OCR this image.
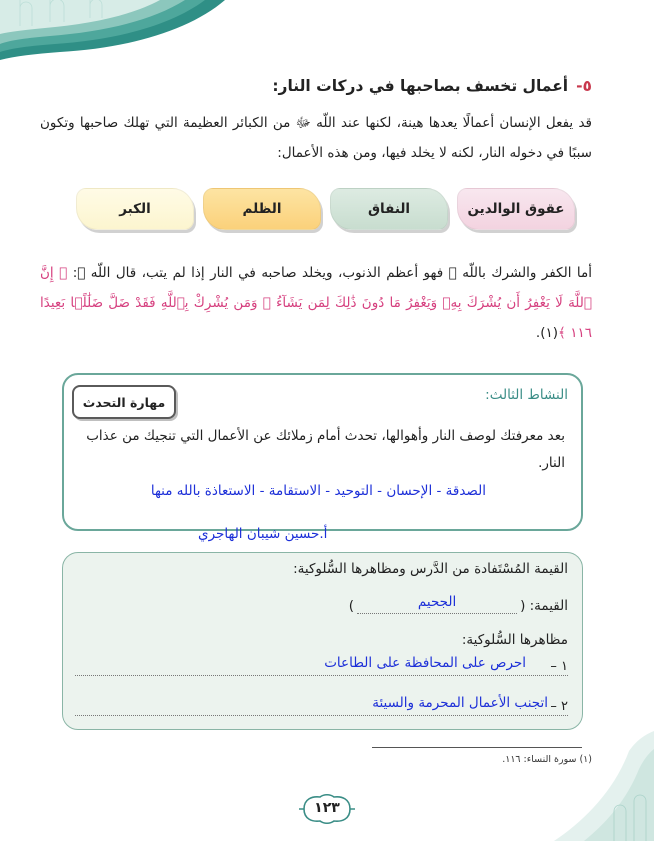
٥-أعمال تخسف بصاحبها في دركات النار:
قد يفعل الإنسان أعمالًا يعدها هينة، لكنها عند اللّه ﷻ من الكبائر العظيمة التي تهلك صاحبها وتكون سببًا في دخوله النار، لكنه لا يخلد فيها، ومن هذه الأعمال:
عقوق الوالدين
النفاق
الظلم
الكبر
أما الكفر والشرك باللّه ﷻ فهو أعظم الذنوب، ويخلد صاحبه في النار إذا لم يتب، قال اللّه ﷻ: ﴿ إِنَّ ٱللَّهَ لَا يَغْفِرُ أَن يُشْرَكَ بِهِۦ وَيَغْفِرُ مَا دُونَ ذَٰلِكَ لِمَن يَشَآءُ ۚ وَمَن يُشْرِكْ بِٱللَّهِ فَقَدْ ضَلَّ ضَلَٰلًۢا بَعِيدًا ١١٦ ﴾(١).
النشاط الثالث:
مهارة التحدث
بعد معرفتك لوصف النار وأهوالها، تحدث أمام زملائك عن الأعمال التي تنجيك من عذاب النار.
الصدقة - الإحسان - التوحيد - الاستقامة - الاستعاذة بالله منها
أ.حسين شيبان الهاجري
القيمة المُسْتَفادة من الدَّرس ومظاهرها السُّلوكية:
القيمة: (
الجحيم
)
مظاهرها السُّلوكية:
١ –
احرص على المحافظة على الطاعات
٢ –
اتجنب الأعمال المحرمة والسيئة
(١) سورة النساء: ١١٦.
١٢٣
